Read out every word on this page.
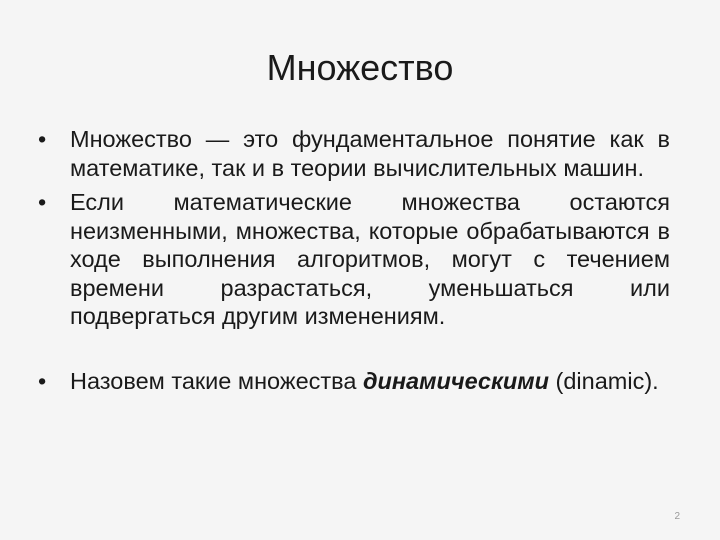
Множество
•	Множество — это фундаментальное понятие как в математике, так и в теории вычислительных машин.
•	Если математические множества остаются неизменными, множества, которые обрабатываются в ходе выполнения алгоритмов, могут с течением времени разрастаться, уменьшаться или подвергаться другим изменениям.
•	Назовем такие множества динамическими (dinamic).
2
